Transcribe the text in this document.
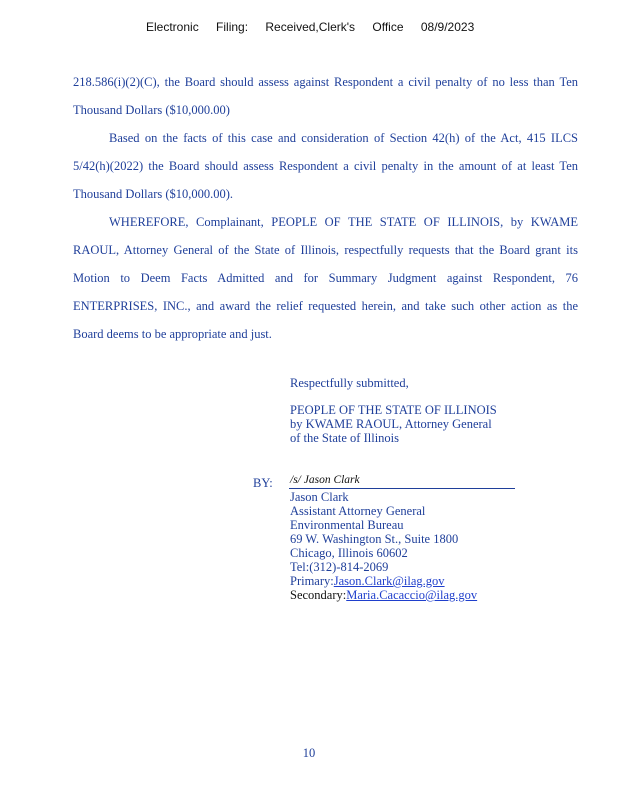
Electronic Filing: Received,Clerk's Office 08/9/2023

218.586(i)(2)(C), the Board should assess against Respondent a civil penalty of no less than Ten Thousand Dollars ($10,000.00)

Based on the facts of this case and consideration of Section 42(h) of the Act, 415 ILCS 5/42(h)(2022) the Board should assess Respondent a civil penalty in the amount of at least Ten Thousand Dollars ($10,000.00).

WHEREFORE, Complainant, PEOPLE OF THE STATE OF ILLINOIS, by KWAME RAOUL, Attorney General of the State of Illinois, respectfully requests that the Board grant its Motion to Deem Facts Admitted and for Summary Judgment against Respondent, 76 ENTERPRISES, INC., and award the relief requested herein, and take such other action as the Board deems to be appropriate and just.

Respectfully submitted,
PEOPLE OF THE STATE OF ILLINOIS
by KWAME RAOUL, Attorney General
of the State of Illinois
BY: /s/ Jason Clark
Jason Clark
Assistant Attorney General
Environmental Bureau
69 W. Washington St., Suite 1800
Chicago, Illinois 60602
Tel:(312)-814-2069
Primary:Jason.Clark@ilag.gov
Secondary:Maria.Cacaccio@ilag.gov
10
